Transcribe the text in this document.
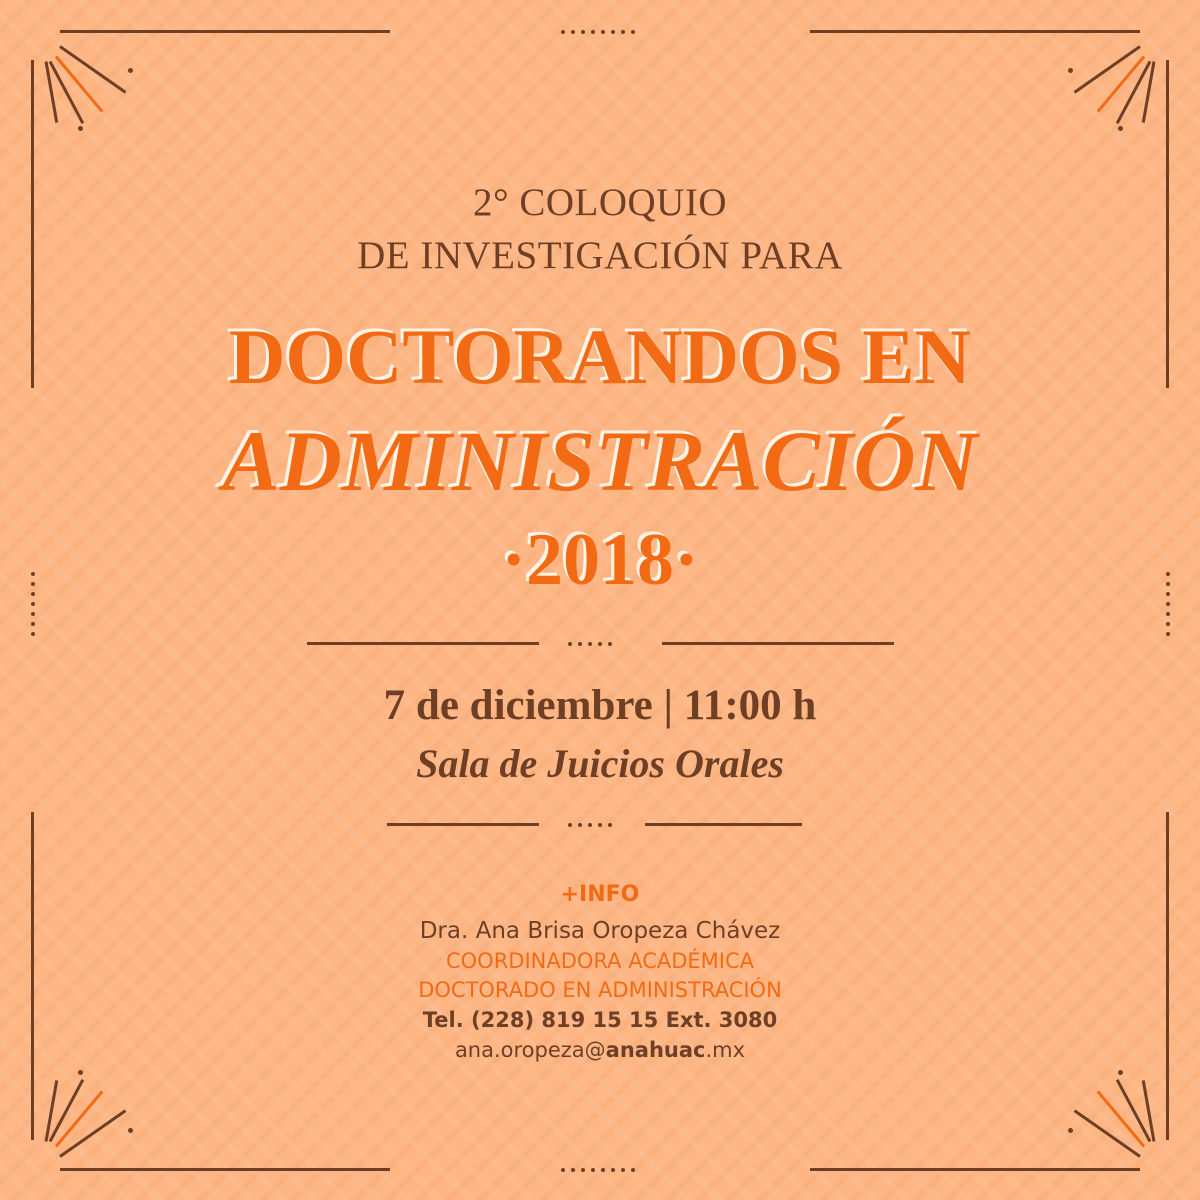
2° COLOQUIO
DE INVESTIGACIÓN PARA
DOCTORANDOS EN
ADMINISTRACIÓN
·2018·
7 de diciembre | 11:00 h
Sala de Juicios Orales
+INFO
Dra. Ana Brisa Oropeza Chávez
COORDINADORA ACADÉMICA
DOCTORADO EN ADMINISTRACIÓN
Tel. (228) 819 15 15 Ext. 3080
ana.oropeza@anahuac.mx
